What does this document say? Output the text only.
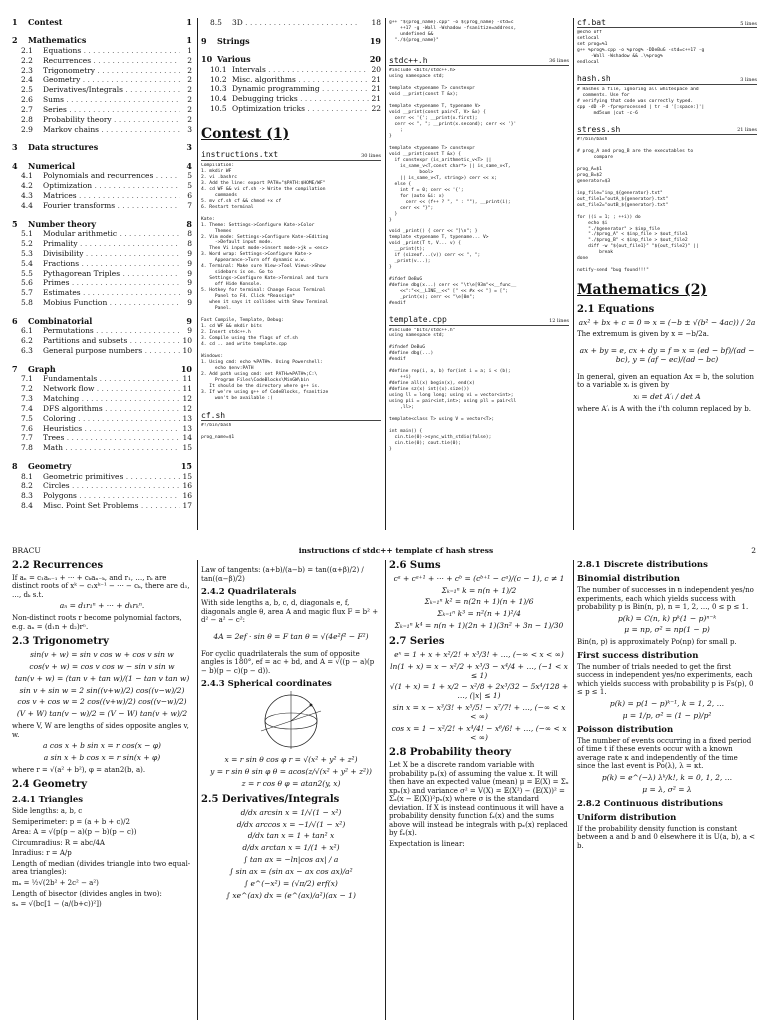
1	Contest	1
2	Mathematics	1
2.1	Equations . . .	1
2.2	Recurrences . . .	2
2.3	Trigonometry . . .	2
2.4	Geometry . . .	2
2.5	Derivatives/Integrals . . .	2
2.6	Sums . . .	2
2.7	Series . . .	2
2.8	Probability theory . . .	2
2.9	Markov chains . . .	3
3	Data structures	3
4	Numerical	4
4.1	Polynomials and recurrences . . .	5
4.2	Optimization . . .	5
4.3	Matrices . . .	6
4.4	Fourier transforms . . .	7
5	Number theory	8
5.1	Modular arithmetic . . .	8
5.2	Primality . . .	8
5.3	Divisibility . . .	9
5.4	Fractions . . .	9
5.5	Pythagorean Triples . . .	9
5.6	Primes . . .	9
5.7	Estimates . . .	9
5.8	Mobius Function . . .	9
6	Combinatorial	9
6.1	Permutations . . .	9
6.2	Partitions and subsets . . .	10
6.3	General purpose numbers . . .	10
7	Graph	10
7.1	Fundamentals . . .	11
7.2	Network flow . . .	11
7.3	Matching . . .	12
7.4	DFS algorithms . . .	12
7.5	Coloring . . .	13
7.6	Heuristics . . .	13
7.7	Trees . . .	14
7.8	Math . . .	15
8	Geometry	15
8.1	Geometric primitives . . .	15
8.2	Circles . . .	16
8.3	Polygons . . .	16
8.4	Misc. Point Set Problems . . .	17
8.5	3D . . .	18
9	Strings	19
10 Various	20
10.1 Intervals . . .	20
10.2 Misc. algorithms . . .	21
10.3 Dynamic programming . . .	21
10.4 Debugging tricks . . .	21
10.5 Optimization tricks . . .	22
Contest (1)
instructions.txt	30 lines
Compilation:
1. mkdir WF
2. vi .bashrc
3. Add the line: export PATH="$PATH:$HOME/WF"
4. cd WF && vi cf.sh -> Write the compilation
commands
5. mv cf.sh cf && chmod +x cf
6. Restart terminal

Kate:
1. Theme: Settings->Configure Kate->Color
Themes
2. Vim mode: Settings->Configure Kate->Editing
->Default input mode.
Then Vi input mode->insert mode->jk = <esc>
3. Word wrap: Settings->Configure Kate->
Appearance->Turn off dynamic w.w.
4. Terminal: Make sure View->Tool Views->Show
sidebars is on. Go to
Settings->Configure Kate->Terminal and turn
off Hide Konsole.
5. Hotkey for terminal: Change Focus Terminal
Panel to F4. Click *Reassign*
when it says it collides with Show Terminal
Panel.

Fast Compile, Template, Debug:
1. cd WF && mkdir bits
2. Insert stdc++.h
3. Compile using the flags of cf.sh
4. cd .. and write template.cpp

Windows:
1. Using cmd: echo %PATH%. Using Powershell:
echo $env:PATH
2. Add path using cmd: set PATH=%PATH%;C:\
Program Files\CodeBlocks\MinGW\bin
It should be the directory where g++ is.
3. If we're using g++ of CodeBlocks, fsanitize
won't be available :(

cf.sh
#!/bin/bash

prog_name=$1
g++ "${prog_name}.cpp" -o ${prog_name} -std=c
++17 -g -Wall -Wshadow -fsanitize=address,
undefined &&
"./${prog_name}"
stdc++.h	36 lines
#include <bits/stdc++.h>
using namespace std;

template <typename T> constexpr
void __print(const T &x);

template <typename T, typename V>
void __print(const pair<T, V> &x) {
cerr << '{'; __print(x.first);
cerr << ", "; __print(x.second); cerr << '}'
;
}

template <typename T> constexpr
void __print(const T &x) {
if constexpr (is_arithmetic_v<T> ||
is_same_v<T,const char*> || is_same_v<T,
bool>
|| is_same_v<T, string>) cerr << x;
else {
int f = 0; cerr << '{';
for (auto &i: x)
cerr << (f++ ? ", " : ""), __print(i);
cerr << "}";
}
}

void _print() { cerr << "]\n"; }
template <typename T, typename... V>
void _print(T t, V... v) {
__print(t);
if (sizeof...(v)) cerr << ", ";
_print(v...);
}

#ifdef DeBuG
#define dbg(x...) cerr << "\t\e[93m"<<__func__
<<":"<<__LINE__<<" [" << #x << "] = [";
_print(x); cerr << "\e[0m";
#endif
template.cpp	12 lines
#include "bits/stdc++.h"
using namespace std;

#ifndef DeBuG
#define dbg(...)
#endif

#define rep(i, a, b) for(int i = a; i < (b);
++i)
#define all(x) begin(x), end(x)
#define sz(x) int((x).size())
using ll = long long; using vi = vector<int>;
using pii = pair<int,int>; using pll = pair<ll
,ll>;

template<class T> using V = vector<T>;

int main() {
cin.tie(0)->sync_with_stdio(false);
cin.tie(0); cout.tie(0);
}
cf.bat	5 lines
@echo off
setlocal
set prog=%1
g++ %prog%.cpp -o %prog% -DDeBuG -std=c++17 -g
-Wall -Wshadow && .\%prog%
endlocal
hash.sh	3 lines
# Hashes a file, ignoring all whitespace and
comments. Use for
# verifying that code was correctly typed.
cpp -dD -P -fpreprocessed | tr -d '[:space:]'|
md5sum |cut -c-6
stress.sh	21 lines
#!/bin/bash

# prog_A and prog_B are the executables to
compare

prog_A=$1
prog_B=$2
generator=$3

inp_file="inp_${generator}.txt"
out_file1="outA_${generator}.txt"
out_file2="outB_${generator}.txt"

for ((i = 1; ; ++i)) do
echo $i
"./$generator" > $inp_file
"./$prog_A" < $inp_file > $out_file1
"./$prog_B" < $inp_file > $out_file2
diff -w "${out_file1}" "${out_file2}" ||
break
done

notify-send "bug found!!!"
Mathematics (2)
2.1 Equations
ax² + bx + c = 0 ⇒ x = (−b ± √(b² − 4ac)) / 2a
The extremum is given by x = −b/2a.
ax + by = e, cx + dy = f ⇒ x = (ed − bf)/(ad − bc), y = (af − ec)/(ad − bc)
In general, given an equation Ax = b, the solution to a variable xᵢ is given by
xᵢ = det A′ᵢ / det A
where A′ᵢ is A with the i'th column replaced by b.
BRACU	instructions cf stdc++ template cf hash stress	2
2.2 Recurrences
If aₙ = c₁aₙ₋₁ + ··· + cₖaₙ₋ₖ, and r₁, …, rₖ are distinct roots of xᵏ − c₁xᵏ⁻¹ − ··· − cₖ, there are d₁, …, dₖ s.t.
aₙ = d₁r₁ⁿ + ··· + dₖrₖⁿ.
Non-distinct roots r become polynomial factors, e.g. aₙ = (d₁n + d₂)rⁿ.
2.3 Trigonometry
sin(v + w) = sin v cos w + cos v sin w
cos(v + w) = cos v cos w − sin v sin w
tan(v + w) = (tan v + tan w)/(1 − tan v tan w)
sin v + sin w = 2 sin((v+w)/2) cos((v−w)/2)
cos v + cos w = 2 cos((v+w)/2) cos((v−w)/2)
(V + W) tan(v − w)/2 = (V − W) tan(v + w)/2
where V, W are lengths of sides opposite angles v, w.
a cos x + b sin x = r cos(x − φ)
a sin x + b cos x = r sin(x + φ)
where r = √(a² + b²), φ = atan2(b, a).
2.4 Geometry
2.4.1 Triangles
Side lengths: a, b, c
Semiperimeter: p = (a + b + c)/2
Area: A = √(p(p − a)(p − b)(p − c))
Circumradius: R = abc/4A
Inradius: r = A/p
Length of median (divides triangle into two equal-area triangles):
mₐ = ½√(2b² + 2c² − a²)
Length of bisector (divides angles in two):
sₐ = √(bc[1 − (a/(b+c))²])
Law of tangents: (a+b)/(a−b) = tan((α+β)/2) / tan((α−β)/2)
2.4.2 Quadrilaterals
With side lengths a, b, c, d, diagonals e, f, diagonals angle θ, area A and magic flux F = b² + d² − a² − c²:
4A = 2ef · sin θ = F tan θ = √(4e²f² − F²)
For cyclic quadrilaterals the sum of opposite angles is 180°, ef = ac + bd, and A = √((p − a)(p − b)(p − c)(p − d)).
2.4.3 Spherical coordinates
x = r sin θ cos φ r = √(x² + y² + z²)
y = r sin θ sin φ θ = acos(z/√(x² + y² + z²))
z = r cos θ φ = atan2(y, x)
2.5 Derivatives/Integrals
d/dx arcsin x = 1/√(1 − x²)
d/dx arccos x = −1/√(1 − x²)
d/dx tan x = 1 + tan² x
d/dx arctan x = 1/(1 + x²)
∫ tan ax = −ln|cos ax| / a
∫ sin ax = (sin ax − ax cos ax)/a²
∫ e^(−x²) = (√π/2) erf(x)
∫ xe^(ax) dx = (e^(ax)/a²)(ax − 1)
2.6 Sums
cᵃ + cᵃ⁺¹ + ··· + cᵇ = (cᵇ⁺¹ − cᵃ)/(c − 1), c ≠ 1
Σₖ₌₁ⁿ k = n(n + 1)/2
Σₖ₌₁ⁿ k² = n(2n + 1)(n + 1)/6
Σₖ₌₁ⁿ k³ = n²(n + 1)²/4
Σₖ₌₁ⁿ k⁴ = n(n + 1)(2n + 1)(3n² + 3n − 1)/30
2.7 Series
eˣ = 1 + x + x²/2! + x³/3! + …, (−∞ < x < ∞)
ln(1 + x) = x − x²/2 + x³/3 − x⁴/4 + …, (−1 < x ≤ 1)
√(1 + x) = 1 + x/2 − x²/8 + 2x³/32 − 5x⁴/128 + …, (|x| ≤ 1)
sin x = x − x³/3! + x⁵/5! − x⁷/7! + …, (−∞ < x < ∞)
cos x = 1 − x²/2! + x⁴/4! − x⁶/6! + …, (−∞ < x < ∞)
2.8 Probability theory
Let X be a discrete random variable with probability pₓ(x) of assuming the value x. It will then have an expected value (mean) μ = 𝔼(X) = Σₓ xpₓ(x) and variance σ² = V(X) = 𝔼(X²) − (𝔼(X))² = Σₓ(x − 𝔼(X))²pₓ(x) where σ is the standard deviation. If X is instead continuous it will have a probability density function fₓ(x) and the sums above will instead be integrals with pₓ(x) replaced by fₓ(x).
Expectation is linear:
2.8.1 Discrete distributions
Binomial distribution
The number of successes in n independent yes/no experiments, each which yields success with probability p is Bin(n, p), n = 1, 2, …, 0 ≤ p ≤ 1.
p(k) = C(n, k) pᵏ(1 − p)ⁿ⁻ᵏ
μ = np, σ² = np(1 − p)
Bin(n, p) is approximately Po(np) for small p.
First success distribution
The number of trials needed to get the first success in independent yes/no experiments, each which yields success with probability p is Fs(p), 0 ≤ p ≤ 1.
p(k) = p(1 − p)ᵏ⁻¹, k = 1, 2, …
μ = 1/p, σ² = (1 − p)/p²
Poisson distribution
The number of events occurring in a fixed period of time t if these events occur with a known average rate κ and independently of the time since the last event is Po(λ), λ = κt.
p(k) = e^(−λ) λᵏ/k!, k = 0, 1, 2, …
μ = λ, σ² = λ
2.8.2 Continuous distributions
Uniform distribution
If the probability density function is constant between a and b and 0 elsewhere it is U(a, b), a < b.
